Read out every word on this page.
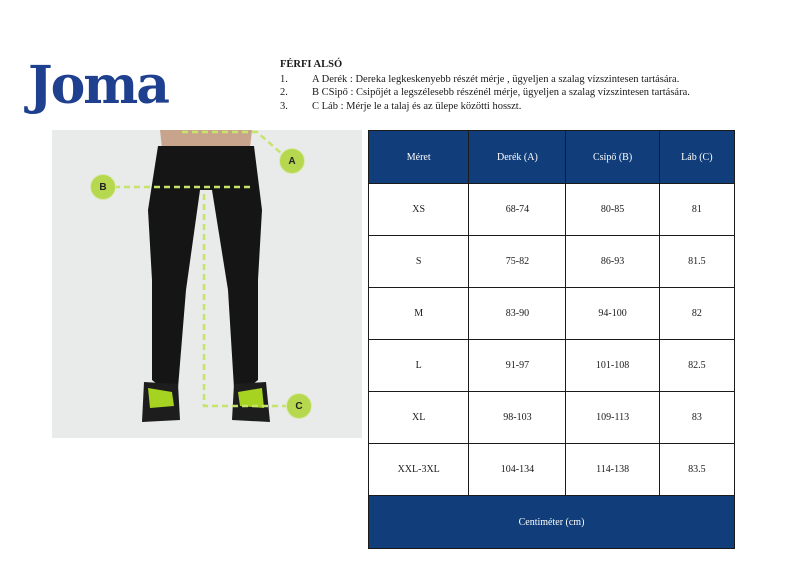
Joma	FÉRFI ALSÓ
1.	A Derék : Dereka legkeskenyebb részét mérje , ügyeljen a szalag vízszintesen tartására.
2.	B CSipő : Csipőjét a legszélesebb részénél mérje, ügyeljen a szalag vízszintesen tartására.
3.	C Láb : Mérje le a talaj és az ülepe közötti hosszt.
A
B
C
Méret	Derék (A)	Csípő (B)	Láb (C)
XS	68-74	80-85	81
S	75-82	86-93	81.5
M	83-90	94-100	82
L	91-97	101-108	82.5
XL	98-103	109-113	83
XXL-3XL	104-134	114-138	83.5
Centiméter (cm)			
